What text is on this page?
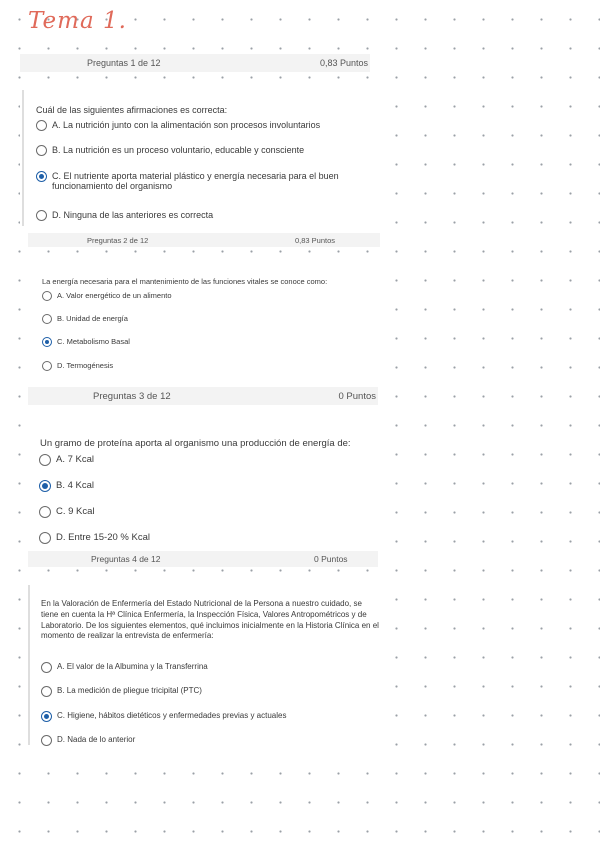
Tema 1.
Preguntas 1 de 12	0,83 Puntos
Cuál de las siguientes afirmaciones es correcta:
A. La nutrición junto con la alimentación son procesos involuntarios
B. La nutrición es un proceso voluntario, educable y consciente
C. El nutriente aporta material plástico y energía necesaria para el buen funcionamiento del organismo
D. Ninguna de las anteriores es correcta
Preguntas 2 de 12	0,83 Puntos
La energía necesaria para el mantenimiento de las funciones vitales se conoce como:
A. Valor energético de un alimento
B. Unidad de energía
C. Metabolismo Basal
D. Termogénesis
Preguntas 3 de 12	0 Puntos
Un gramo de proteína aporta al organismo una producción de energía de:
A. 7 Kcal
B. 4 Kcal
C. 9 Kcal
D. Entre 15-20 % Kcal
Preguntas 4 de 12	0 Puntos
En la Valoración de Enfermería del Estado Nutricional de la Persona a nuestro cuidado, se tiene en cuenta la Hª Clínica Enfermería, la Inspección Física, Valores Antropométricos y de Laboratorio. De los siguientes elementos, qué incluimos inicialmente en la Historia Clínica en el momento de realizar la entrevista de enfermería:
A. El valor de la Albumina y la Transferrina
B. La medición de pliegue tricipital (PTC)
C. Higiene, hábitos dietéticos y enfermedades previas y actuales
D. Nada de lo anterior
